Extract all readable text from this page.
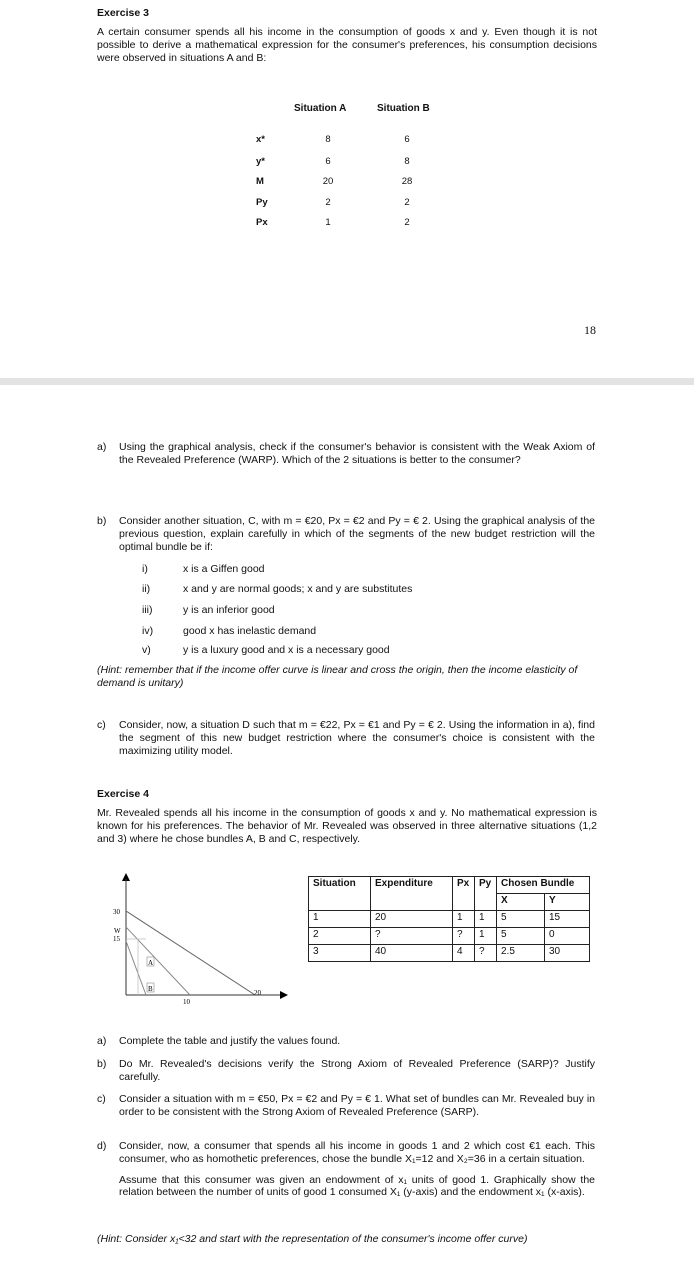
Exercise 3
A certain consumer spends all his income in the consumption of goods x and y. Even though it is not possible to derive a mathematical expression for the consumer's preferences, his consumption decisions were observed in situations A and B:
Situation A	Situation B
x*	8	6
y*	6	8
M	20	28
Py	2	2
Px	1	2
18
a) Using the graphical analysis, check if the consumer's behavior is consistent with the Weak Axiom of the Revealed Preference (WARP). Which of the 2 situations is better to the consumer?
b) Consider another situation, C, with m = €20, Px = €2 and Py = € 2. Using the graphical analysis of the previous question, explain carefully in which of the segments of the new budget restriction will the optimal bundle be if:
i)	x is a Giffen good
ii)	x and y are normal goods; x and y are substitutes
iii)	y is an inferior good
iv)	good x has inelastic demand
v)	y is a luxury good and x is a necessary good
(Hint: remember that if the income offer curve is linear and cross the origin, then the income elasticity of demand is unitary)
c) Consider, now, a situation D such that m = €22, Px = €1 and Py = € 2. Using the information in a), find the segment of this new budget restriction where the consumer's choice is consistent with the maximizing utility model.
Exercise 4
Mr. Revealed spends all his income in the consumption of goods x and y. No mathematical expression is known for his preferences. The behavior of Mr. Revealed was observed in three alternative situations (1,2 and 3) where he chose bundles A, B and C, respectively.
A
B
30
W
15
10
20
Situation	Expenditure	Px	Py	Chosen Bundle	
				X	Y
1	20	1	1	5	15
2	?	?	1	5	0
3	40	4	?	2.5	30
a) Complete the table and justify the values found.
b) Do Mr. Revealed's decisions verify the Strong Axiom of Revealed Preference (SARP)? Justify carefully.
c) Consider a situation with m = €50, Px = €2 and Py = € 1. What set of bundles can Mr. Revealed buy in order to be consistent with the Strong Axiom of Revealed Preference (SARP).
d) Consider, now, a consumer that spends all his income in goods 1 and 2 which cost €1 each. This consumer, who as homothetic preferences, chose the bundle X₁=12 and X₂=36 in a certain situation.
Assume that this consumer was given an endowment of x₁ units of good 1. Graphically show the relation between the number of units of good 1 consumed X₁ (y-axis) and the endowment x₁ (x-axis).
(Hint: Consider x₁<32 and start with the representation of the consumer's income offer curve)
